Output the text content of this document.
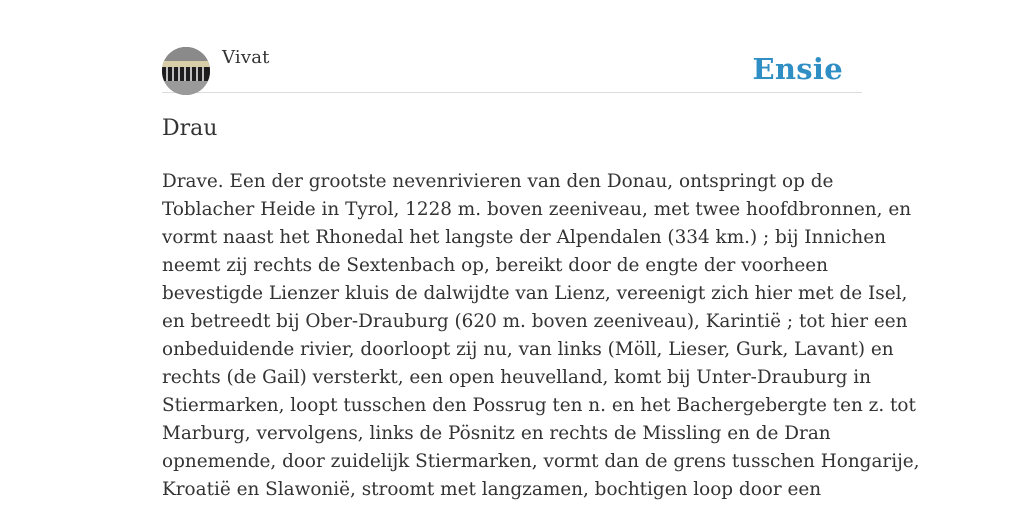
Vivat	Ensie
Drau

Drave. Een der grootste nevenrivieren van den Donau, ontspringt op de
Toblacher Heide in Tyrol, 1228 m. boven zeeniveau, met twee hoofdbronnen, en
vormt naast het Rhonedal het langste der Alpendalen (334 km.) ; bij Innichen
neemt zij rechts de Sextenbach op, bereikt door de engte der voorheen
bevestigde Lienzer kluis de dalwijdte van Lienz, vereenigt zich hier met de Isel,
en betreedt bij Ober-Drauburg (620 m. boven zeeniveau), Karintië ; tot hier een
onbeduidende rivier, doorloopt zij nu, van links (Möll, Lieser, Gurk, Lavant) en
rechts (de Gail) versterkt, een open heuvelland, komt bij Unter-Drauburg in
Stiermarken, loopt tusschen den Possrug ten n. en het Bachergebergte ten z. tot
Marburg, vervolgens, links de Pösnitz en rechts de Missling en de Dran
opnemende, door zuidelijk Stiermarken, vormt dan de grens tusschen Hongarije,
Kroatië en Slawonië, stroomt met langzamen, bochtigen loop door een
